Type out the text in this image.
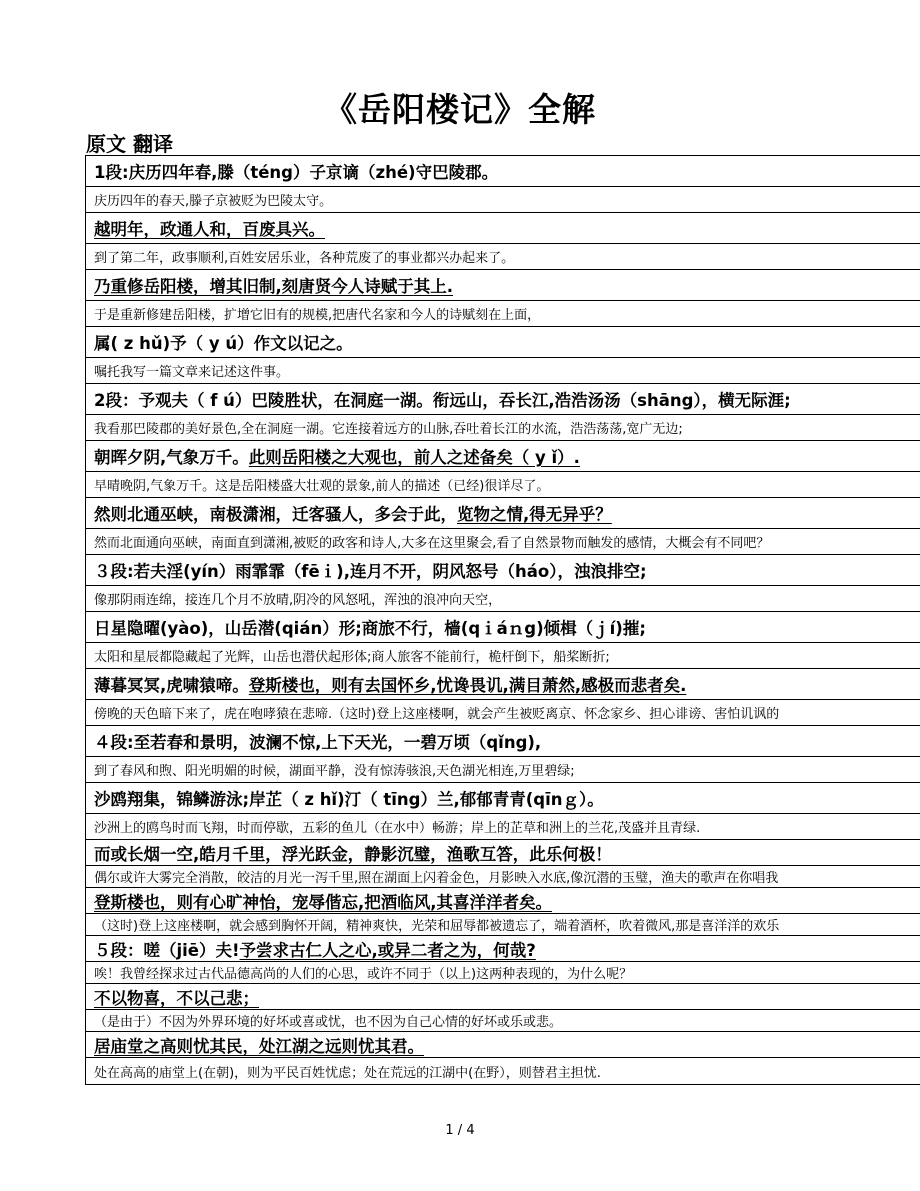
《岳阳楼记》全解
原文 翻译
1段:庆历四年春,滕（téng）子京谪（zhé)守巴陵郡。
庆历四年的春天,滕子京被贬为巴陵太守。
越明年，政通人和，百废具兴。
到了第二年，政事顺利,百姓安居乐业，各种荒废了的事业都兴办起来了。
乃重修岳阳楼，增其旧制,刻唐贤今人诗赋于其上.
于是重新修建岳阳楼，扩增它旧有的规模,把唐代名家和今人的诗赋刻在上面，
属( z hǔ)予（ y ú）作文以记之。
嘱托我写一篇文章来记述这件事。
2段：予观夫（ f ú）巴陵胜状，在洞庭一湖。衔远山，吞长江,浩浩汤汤（shāng），横无际涯;
我看那巴陵郡的美好景色,全在洞庭一湖。它连接着远方的山脉,吞吐着长江的水流，浩浩荡荡,宽广无边;
朝晖夕阴,气象万千。 此则岳阳楼之大观也，前人之述备矣（ y ǐ）.
早晴晚阴,气象万千。这是岳阳楼盛大壮观的景象,前人的描述（已经)很详尽了。
然则北通巫峡，南极潇湘，迁客骚人，多会于此， 览物之情,得无异乎？
然而北面通向巫峡，南面直到潇湘,被贬的政客和诗人,大多在这里聚会,看了自然景物而触发的感情，大概会有不同吧？
３段:若夫淫(yín）雨霏霏（fēｉ),连月不开，阴风怒号（háo），浊浪排空;
像那阴雨连绵，接连几个月不放晴,阴冷的风怒吼，浑浊的浪冲向天空，
日星隐曜(yào)，山岳潜(qián）形;商旅不行，樯(qｉáｎg)倾楫（ｊí)摧;
太阳和星辰都隐藏起了光辉，山岳也潜伏起形体;商人旅客不能前行，桅杆倒下，船桨断折;
薄暮冥冥,虎啸猿啼。 登斯楼也，则有去国怀乡,忧谗畏讥,满目萧然,感极而悲者矣.
傍晚的天色暗下来了，虎在咆哮猿在悲啼.（这时)登上这座楼啊，就会产生被贬离京、怀念家乡、担心诽谤、害怕讥讽的
４段:至若春和景明，波澜不惊,上下天光，一碧万顷（qǐng),
到了春风和煦、阳光明媚的时候，湖面平静，没有惊涛骇浪,天色湖光相连,万里碧绿;
沙鸥翔集，锦鳞游泳;岸芷（ z hǐ)汀（ tīng）兰,郁郁青青(qīnｇ）。
沙洲上的鸥鸟时而飞翔，时而停歇，五彩的鱼儿（在水中）畅游；岸上的芷草和洲上的兰花,茂盛并且青绿.
而或长烟一空,皓月千里，浮光跃金，静影沉璧，渔歌互答，此乐何极！
偶尔或许大雾完全消散，皎洁的月光一泻千里,照在湖面上闪着金色，月影映入水底,像沉潜的玉璧，渔夫的歌声在你唱我
登斯楼也，则有心旷神怡，宠辱偕忘,把酒临风,其喜洋洋者矣。
（这时)登上这座楼啊，就会感到胸怀开阔，精神爽快，光荣和屈辱都被遗忘了，端着酒杯，吹着微风,那是喜洋洋的欢乐
５段：嗟（jiē）夫! 予尝求古仁人之心,或异二者之为，何哉?
唉！我曾经探求过古代品德高尚的人们的心思，或许不同于（以上)这两种表现的，为什么呢？
不以物喜，不以己悲；
（是由于）不因为外界环境的好坏或喜或忧，也不因为自己心情的好坏或乐或悲。
居庙堂之高则忧其民，处江湖之远则忧其君。
处在高高的庙堂上(在朝)，则为平民百姓忧虑；处在荒远的江湖中(在野），则替君主担忧.
1 / 4
